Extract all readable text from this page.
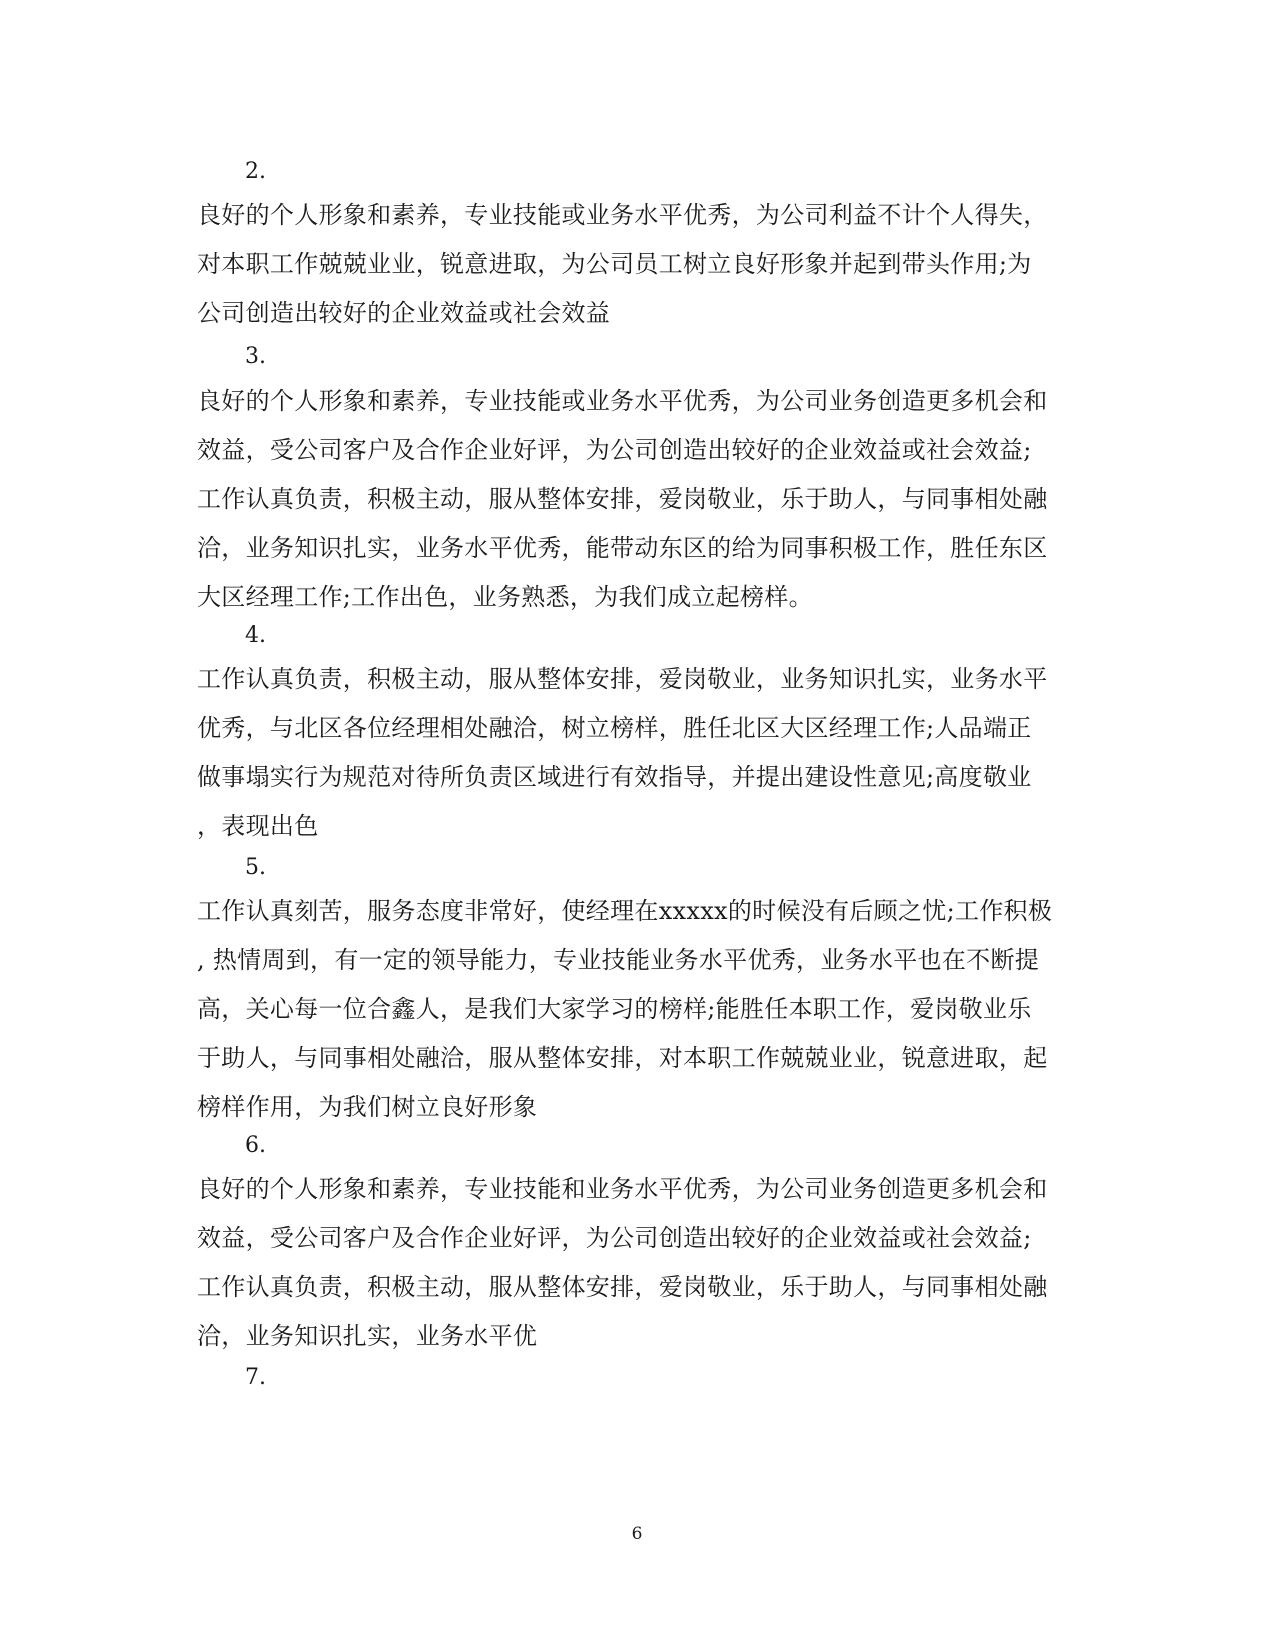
2.
良好的个人形象和素养，专业技能或业务水平优秀，为公司利益不计个人得失，
对本职工作兢兢业业，锐意进取，为公司员工树立良好形象并起到带头作用;为
公司创造出较好的企业效益或社会效益
3.
良好的个人形象和素养，专业技能或业务水平优秀，为公司业务创造更多机会和
效益，受公司客户及合作企业好评，为公司创造出较好的企业效益或社会效益;
工作认真负责，积极主动，服从整体安排，爱岗敬业，乐于助人，与同事相处融
洽，业务知识扎实，业务水平优秀，能带动东区的给为同事积极工作，胜任东区
大区经理工作;工作出色，业务熟悉，为我们成立起榜样。
4.
工作认真负责，积极主动，服从整体安排，爱岗敬业，业务知识扎实，业务水平
优秀，与北区各位经理相处融洽，树立榜样，胜任北区大区经理工作;人品端正
做事塌实行为规范对待所负责区域进行有效指导，并提出建设性意见;高度敬业
，表现出色
5.
工作认真刻苦，服务态度非常好，使经理在xxxxx的时候没有后顾之忧;工作积极
, 热情周到，有一定的领导能力，专业技能业务水平优秀，业务水平也在不断提
高，关心每一位合鑫人，是我们大家学习的榜样;能胜任本职工作，爱岗敬业乐
于助人，与同事相处融洽，服从整体安排，对本职工作兢兢业业，锐意进取，起
榜样作用，为我们树立良好形象
6.
良好的个人形象和素养，专业技能和业务水平优秀，为公司业务创造更多机会和
效益，受公司客户及合作企业好评，为公司创造出较好的企业效益或社会效益;
工作认真负责，积极主动，服从整体安排，爱岗敬业，乐于助人，与同事相处融
洽，业务知识扎实，业务水平优
7.
6
